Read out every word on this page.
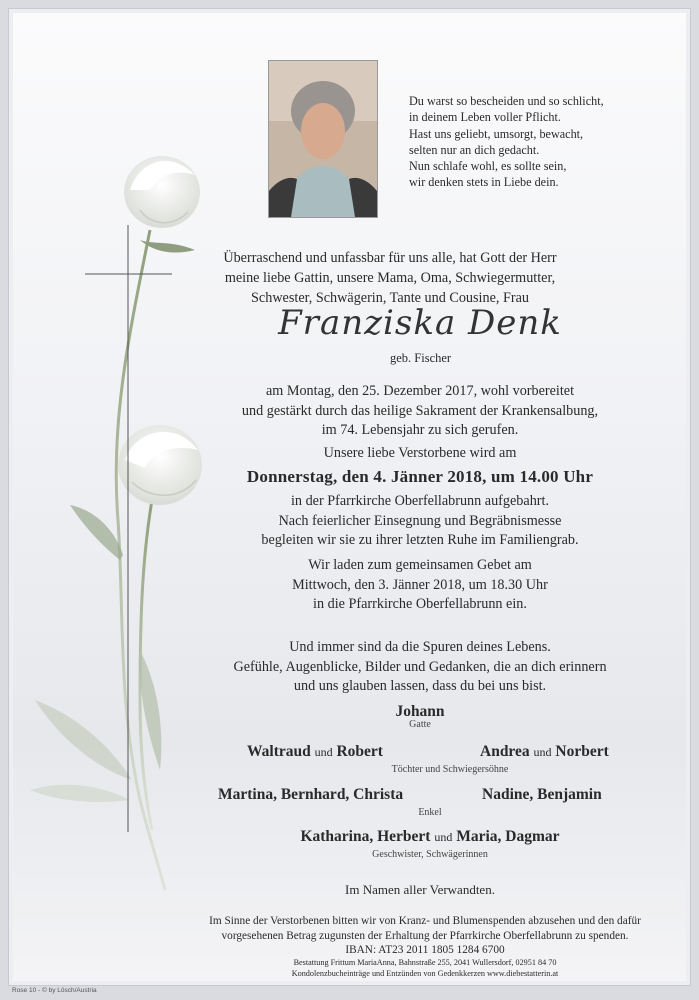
Du warst so bescheiden und so schlicht,
in deinem Leben voller Pflicht.
Hast uns geliebt, umsorgt, bewacht,
selten nur an dich gedacht.
Nun schlafe wohl, es sollte sein,
wir denken stets in Liebe dein.
Überraschend und unfassbar für uns alle, hat Gott der Herr
meine liebe Gattin, unsere Mama, Oma, Schwiegermutter,
Schwester, Schwägerin, Tante und Cousine, Frau
Franziska Denk
geb. Fischer
am Montag, den 25. Dezember 2017, wohl vorbereitet
und gestärkt durch das heilige Sakrament der Krankensalbung,
im 74. Lebensjahr zu sich gerufen.
Unsere liebe Verstorbene wird am
Donnerstag, den 4. Jänner 2018, um 14.00 Uhr
in der Pfarrkirche Oberfellabrunn aufgebahrt.
Nach feierlicher Einsegnung und Begräbnismesse
begleiten wir sie zu ihrer letzten Ruhe im Familiengrab.
Wir laden zum gemeinsamen Gebet am
Mittwoch, den 3. Jänner 2018, um 18.30 Uhr
in die Pfarrkirche Oberfellabrunn ein.
Und immer sind da die Spuren deines Lebens.
Gefühle, Augenblicke, Bilder und Gedanken, die an dich erinnern
und uns glauben lassen, dass du bei uns bist.
Johann
Gatte
Waltraud und Robert	Andrea und Norbert
Töchter und Schwiegersöhne
Martina, Bernhard, Christa	Nadine, Benjamin
Enkel
Katharina, Herbert und Maria, Dagmar
Geschwister, Schwägerinnen
Im Namen aller Verwandten.
Im Sinne der Verstorbenen bitten wir von Kranz- und Blumenspenden abzusehen und den dafür
vorgesehenen Betrag zugunsten der Erhaltung der Pfarrkirche Oberfellabrunn zu spenden.
IBAN: AT23 2011 1805 1284 6700
Bestattung Frittum MariaAnna, Bahnstraße 255, 2041 Wullersdorf, 02951 84 70
Kondolenzbucheinträge und Entzünden von Gedenkkerzen www.diebestatterin.at
Rose 10 - © by Lösch/Austria
